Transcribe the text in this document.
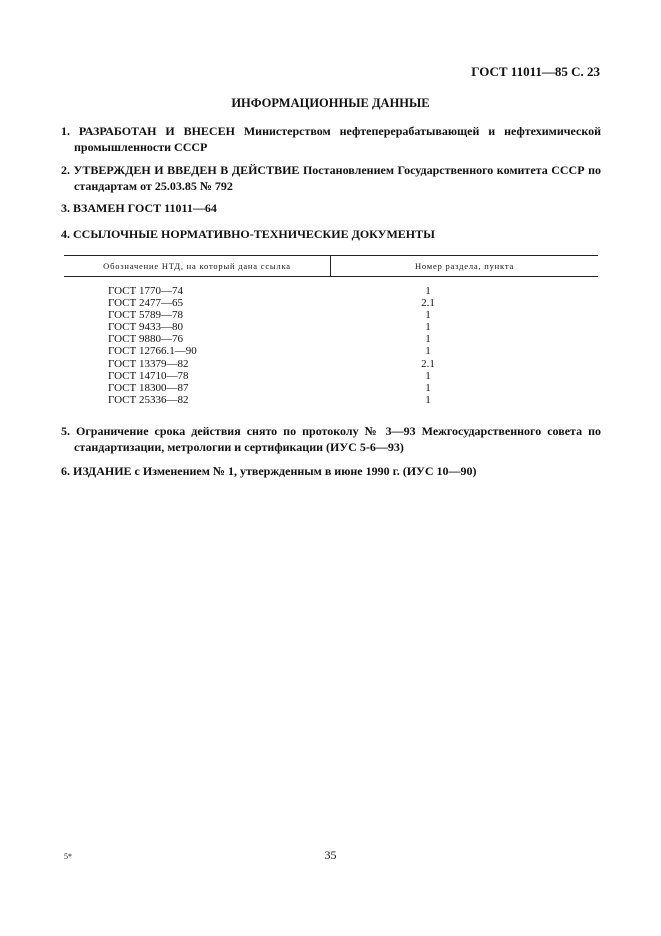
ГОСТ 11011—85 С. 23
ИНФОРМАЦИОННЫЕ ДАННЫЕ
1. РАЗРАБОТАН И ВНЕСЕН Министерством нефтеперерабатывающей и нефтехимической промышленности СССР
2. УТВЕРЖДЕН И ВВЕДЕН В ДЕЙСТВИЕ Постановлением Государственного комитета СССР по стандартам от 25.03.85 № 792
3. ВЗАМЕН ГОСТ 11011—64
4. ССЫЛОЧНЫЕ НОРМАТИВНО-ТЕХНИЧЕСКИЕ ДОКУМЕНТЫ
Обозначение НТД, на который дана ссылка	Номер раздела, пункта
ГОСТ 1770—74
ГОСТ 2477—65
ГОСТ 5789—78
ГОСТ 9433—80
ГОСТ 9880—76
ГОСТ 12766.1—90
ГОСТ 13379—82
ГОСТ 14710—78
ГОСТ 18300—87
ГОСТ 25336—82
1
2.1
1
1
1
1
2.1
1
1
1
5. Ограничение срока действия снято по протоколу № 3—93 Межгосударственного совета по стандартизации, метрологии и сертификации (ИУС 5-6—93)
6. ИЗДАНИЕ с Изменением № 1, утвержденным в июне 1990 г. (ИУС 10—90)
5*	35
